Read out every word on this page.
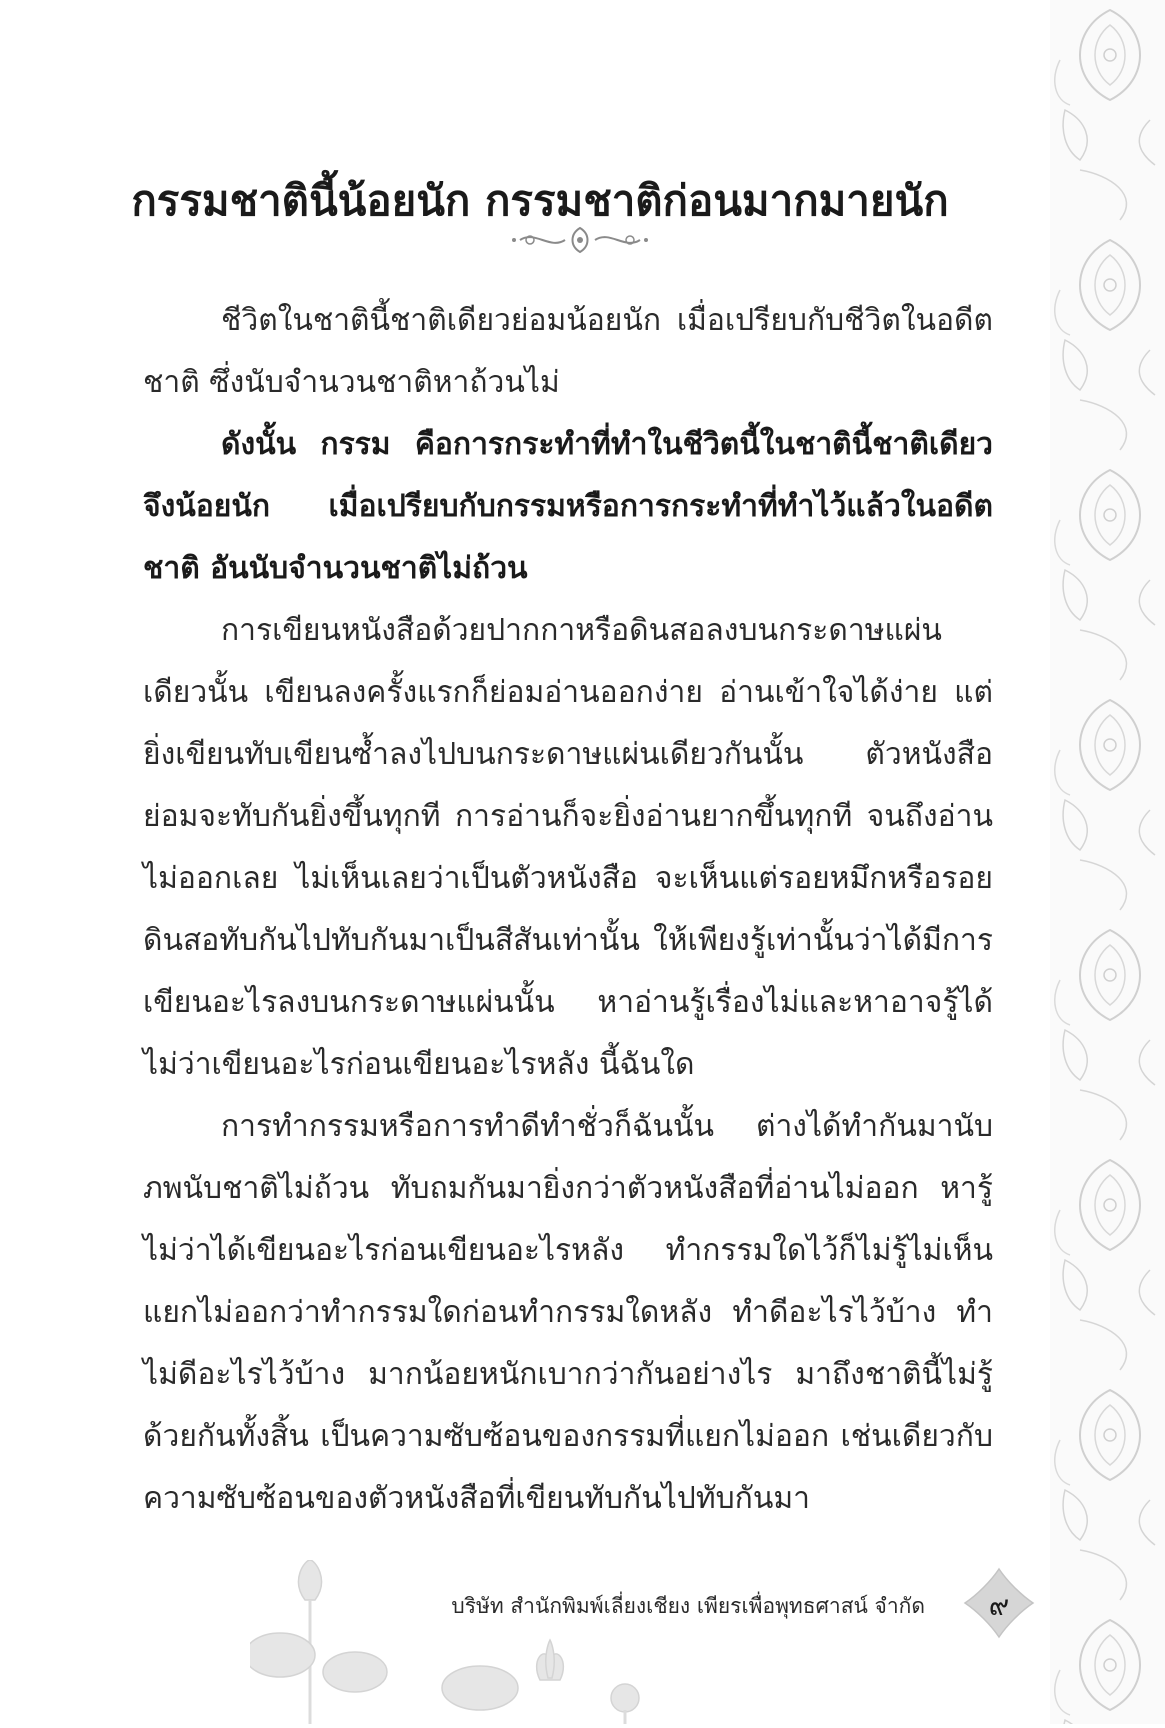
กรรมชาตินี้น้อยนัก กรรมชาติก่อนมากมายนัก

ชีวิตในชาตินี้ชาติเดียวย่อมน้อยนัก เมื่อเปรียบกับชีวิตในอดีตชาติ ซึ่งนับจำนวนชาติหาถ้วนไม่

ดังนั้น กรรม คือการกระทำที่ทำในชีวิตนี้ในชาตินี้ชาติเดียวจึงน้อยนัก เมื่อเปรียบกับกรรมหรือการกระทำที่ทำไว้แล้วในอดีตชาติ อันนับจำนวนชาติไม่ถ้วน

การเขียนหนังสือด้วยปากกาหรือดินสอลงบนกระดาษแผ่นเดียวนั้น เขียนลงครั้งแรกก็ย่อมอ่านออกง่าย อ่านเข้าใจได้ง่าย แต่ยิ่งเขียนทับเขียนซ้ำลงไปบนกระดาษแผ่นเดียวกันนั้น ตัวหนังสือย่อมจะทับกันยิ่งขึ้นทุกที การอ่านก็จะยิ่งอ่านยากขึ้นทุกที จนถึงอ่านไม่ออกเลย ไม่เห็นเลยว่าเป็นตัวหนังสือ จะเห็นแต่รอยหมึกหรือรอยดินสอทับกันไปทับกันมาเป็นสีสันเท่านั้น ให้เพียงรู้เท่านั้นว่าได้มีการเขียนอะไรลงบนกระดาษแผ่นนั้น หาอ่านรู้เรื่องไม่และหาอาจรู้ได้ไม่ว่าเขียนอะไรก่อนเขียนอะไรหลัง นี้ฉันใด

การทำกรรมหรือการทำดีทำชั่วก็ฉันนั้น ต่างได้ทำกันมานับภพนับชาติไม่ถ้วน ทับถมกันมายิ่งกว่าตัวหนังสือที่อ่านไม่ออก หารู้ไม่ว่าได้เขียนอะไรก่อนเขียนอะไรหลัง ทำกรรมใดไว้ก็ไม่รู้ไม่เห็น แยกไม่ออกว่าทำกรรมใดก่อนทำกรรมใดหลัง ทำดีอะไรไว้บ้าง ทำไม่ดีอะไรไว้บ้าง มากน้อยหนักเบากว่ากันอย่างไร มาถึงชาตินี้ไม่รู้ด้วยกันทั้งสิ้น เป็นความซับซ้อนของกรรมที่แยกไม่ออก เช่นเดียวกับความซับซ้อนของตัวหนังสือที่เขียนทับกันไปทับกันมา

บริษัท สำนักพิมพ์เลี่ยงเชียง เพียรเพื่อพุทธศาสน์ จำกัด	๙
